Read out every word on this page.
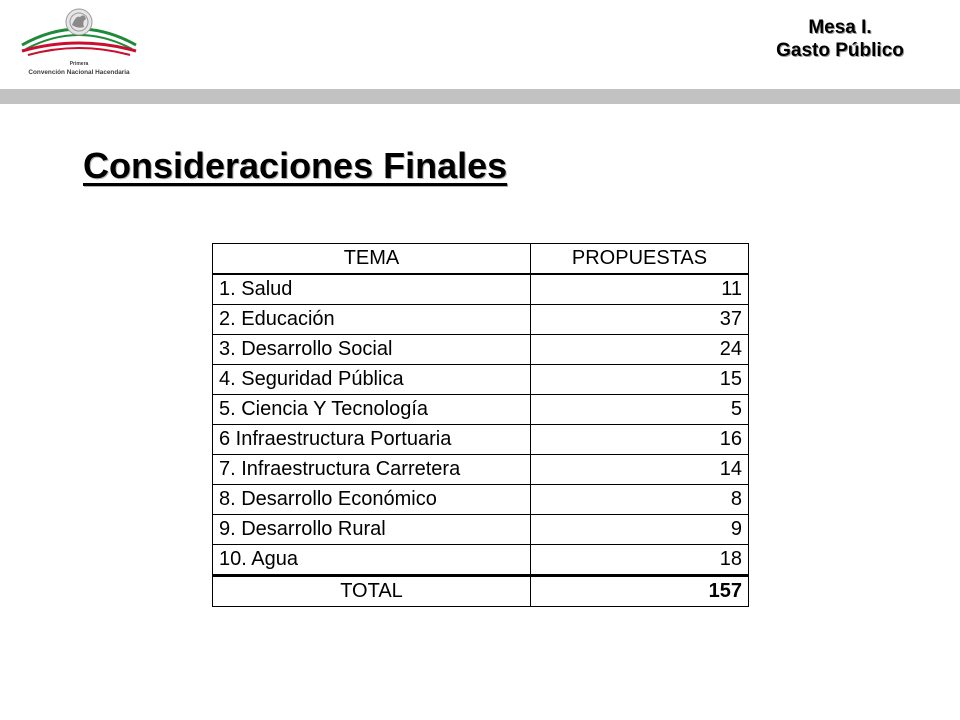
Primera
Convención Nacional Hacendaria
Mesa I.
Gasto Público
Consideraciones Finales
TEMA	PROPUESTAS
1. Salud	11
2. Educación	37
3. Desarrollo Social	24
4. Seguridad Pública	15
5. Ciencia Y Tecnología	5
6 Infraestructura Portuaria	16
7. Infraestructura Carretera	14
8. Desarrollo Económico	8
9. Desarrollo Rural	9
10. Agua	18
TOTAL	157
